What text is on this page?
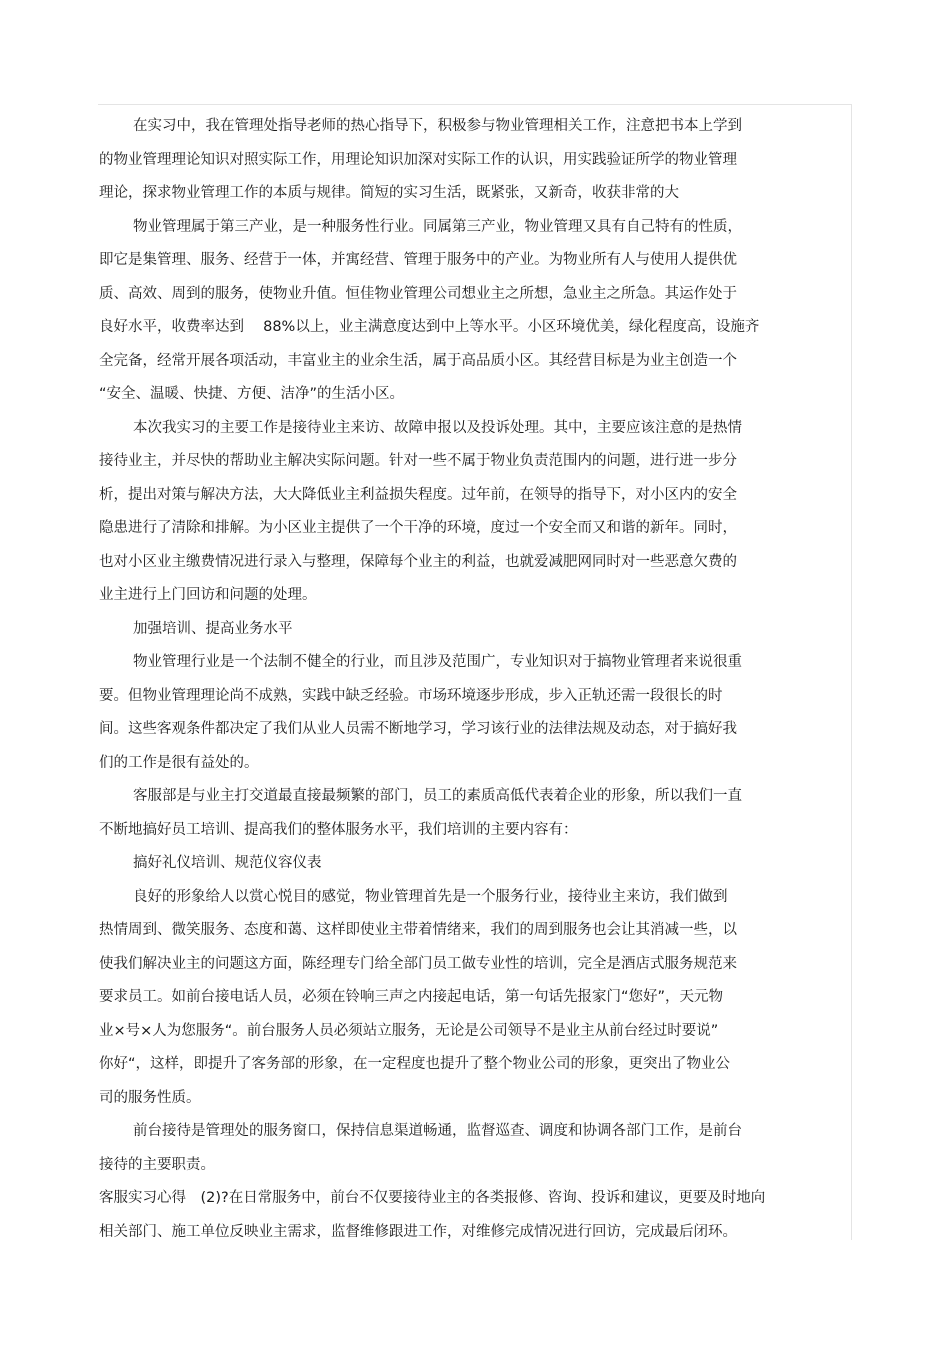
在实习中，我在管理处指导老师的热心指导下，积极参与物业管理相关工作，注意把书本上学到
的物业管理理论知识对照实际工作，用理论知识加深对实际工作的认识，用实践验证所学的物业管理
理论，探求物业管理工作的本质与规律。简短的实习生活，既紧张，又新奇，收获非常的大
物业管理属于第三产业，是一种服务性行业。同属第三产业，物业管理又具有自己特有的性质，
即它是集管理、服务、经营于一体，并寓经营、管理于服务中的产业。为物业所有人与使用人提供优
质、高效、周到的服务，使物业升值。恒佳物业管理公司想业主之所想，急业主之所急。其运作处于
良好水平，收费率达到　 88%以上，业主满意度达到中上等水平。小区环境优美，绿化程度高，设施齐
全完备，经常开展各项活动，丰富业主的业余生活，属于高品质小区。其经营目标是为业主创造一个
“安全、温暖、快捷、方便、洁净”的生活小区。
本次我实习的主要工作是接待业主来访、故障申报以及投诉处理。其中，主要应该注意的是热情
接待业主，并尽快的帮助业主解决实际问题。针对一些不属于物业负责范围内的问题，进行进一步分
析，提出对策与解决方法，大大降低业主利益损失程度。过年前，在领导的指导下，对小区内的安全
隐患进行了清除和排解。为小区业主提供了一个干净的环境，度过一个安全而又和谐的新年。同时，
也对小区业主缴费情况进行录入与整理，保障每个业主的利益，也就爱减肥网同时对一些恶意欠费的
业主进行上门回访和问题的处理。
加强培训、提高业务水平
物业管理行业是一个法制不健全的行业，而且涉及范围广，专业知识对于搞物业管理者来说很重
要。但物业管理理论尚不成熟，实践中缺乏经验。市场环境逐步形成，步入正轨还需一段很长的时
间。这些客观条件都决定了我们从业人员需不断地学习，学习该行业的法律法规及动态，对于搞好我
们的工作是很有益处的。
客服部是与业主打交道最直接最频繁的部门，员工的素质高低代表着企业的形象，所以我们一直
不断地搞好员工培训、提高我们的整体服务水平，我们培训的主要内容有：
搞好礼仪培训、规范仪容仪表
良好的形象给人以赏心悦目的感觉，物业管理首先是一个服务行业，接待业主来访，我们做到
热情周到、微笑服务、态度和蔼、这样即使业主带着情绪来，我们的周到服务也会让其消减一些，以
使我们解决业主的问题这方面，陈经理专门给全部门员工做专业性的培训，完全是酒店式服务规范来
要求员工。如前台接电话人员，必须在铃响三声之内接起电话，第一句话先报家门“您好”，天元物
业×号×人为您服务“。前台服务人员必须站立服务，无论是公司领导不是业主从前台经过时要说”
你好“，这样，即提升了客务部的形象，在一定程度也提升了整个物业公司的形象，更突出了物业公
司的服务性质。
前台接待是管理处的服务窗口，保持信息渠道畅通，监督巡查、调度和协调各部门工作，是前台
接待的主要职责。
客服实习心得　(2)?在日常服务中，前台不仅要接待业主的各类报修、咨询、投诉和建议，更要及时地向
相关部门、施工单位反映业主需求，监督维修跟进工作，对维修完成情况进行回访，完成最后闭环。
